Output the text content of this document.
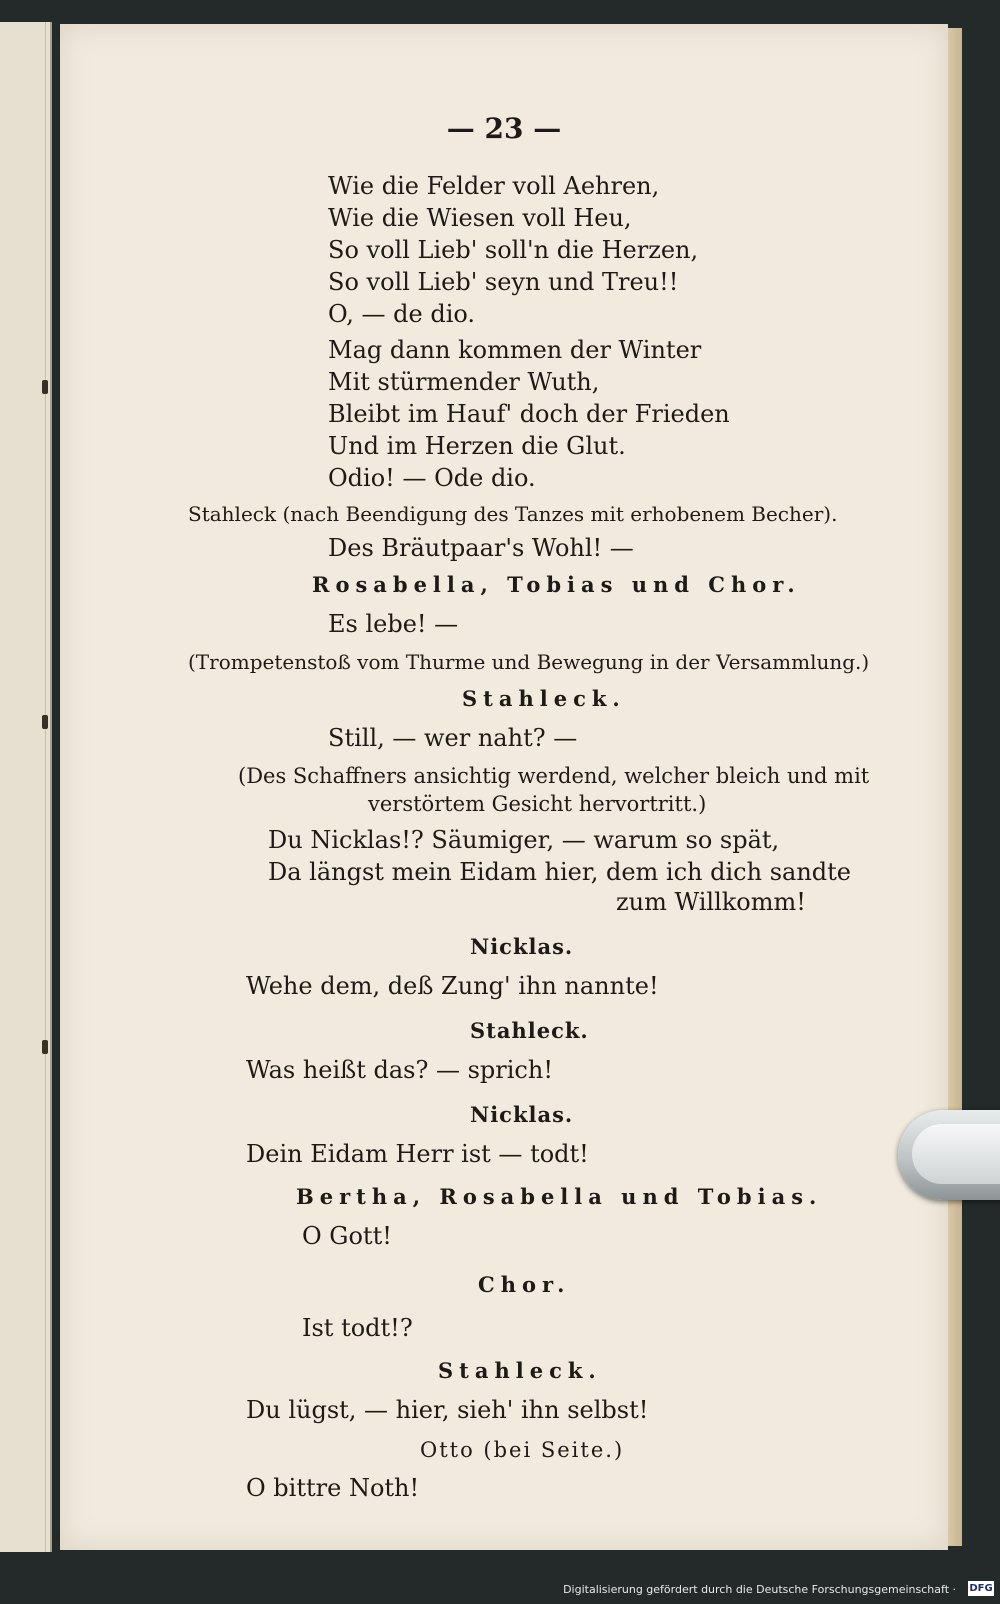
— 23 —
Wie die Felder voll Aehren,
Wie die Wiesen voll Heu,
So voll Lieb' soll'n die Herzen,
So voll Lieb' seyn und Treu!!
O, — de dio.
Mag dann kommen der Winter
Mit stürmender Wuth,
Bleibt im Hauf' doch der Frieden
Und im Herzen die Glut.
Odio! — Ode dio.
Stahleck (nach Beendigung des Tanzes mit erhobenem Becher).
Des Bräutpaar's Wohl! —
Rosabella, Tobias und Chor.
Es lebe! —
(Trompetenstoß vom Thurme und Bewegung in der Versammlung.)
Stahleck.
Still, — wer naht? —
(Des Schaffners ansichtig werdend, welcher bleich und mit
verstörtem Gesicht hervortritt.)
Du Nicklas!? Säumiger, — warum so spät,
Da längst mein Eidam hier, dem ich dich sandte
zum Willkomm!
Nicklas.
Wehe dem, deß Zung' ihn nannte!
Stahleck.
Was heißt das? — sprich!
Nicklas.
Dein Eidam Herr ist — todt!
Bertha, Rosabella und Tobias.
O Gott!
Chor.
Ist todt!?
Stahleck.
Du lügst, — hier, sieh' ihn selbst!
Otto (bei Seite.)
O bittre Noth!
Digitalisierung gefördert durch die Deutsche Forschungsgemeinschaft · DFG
